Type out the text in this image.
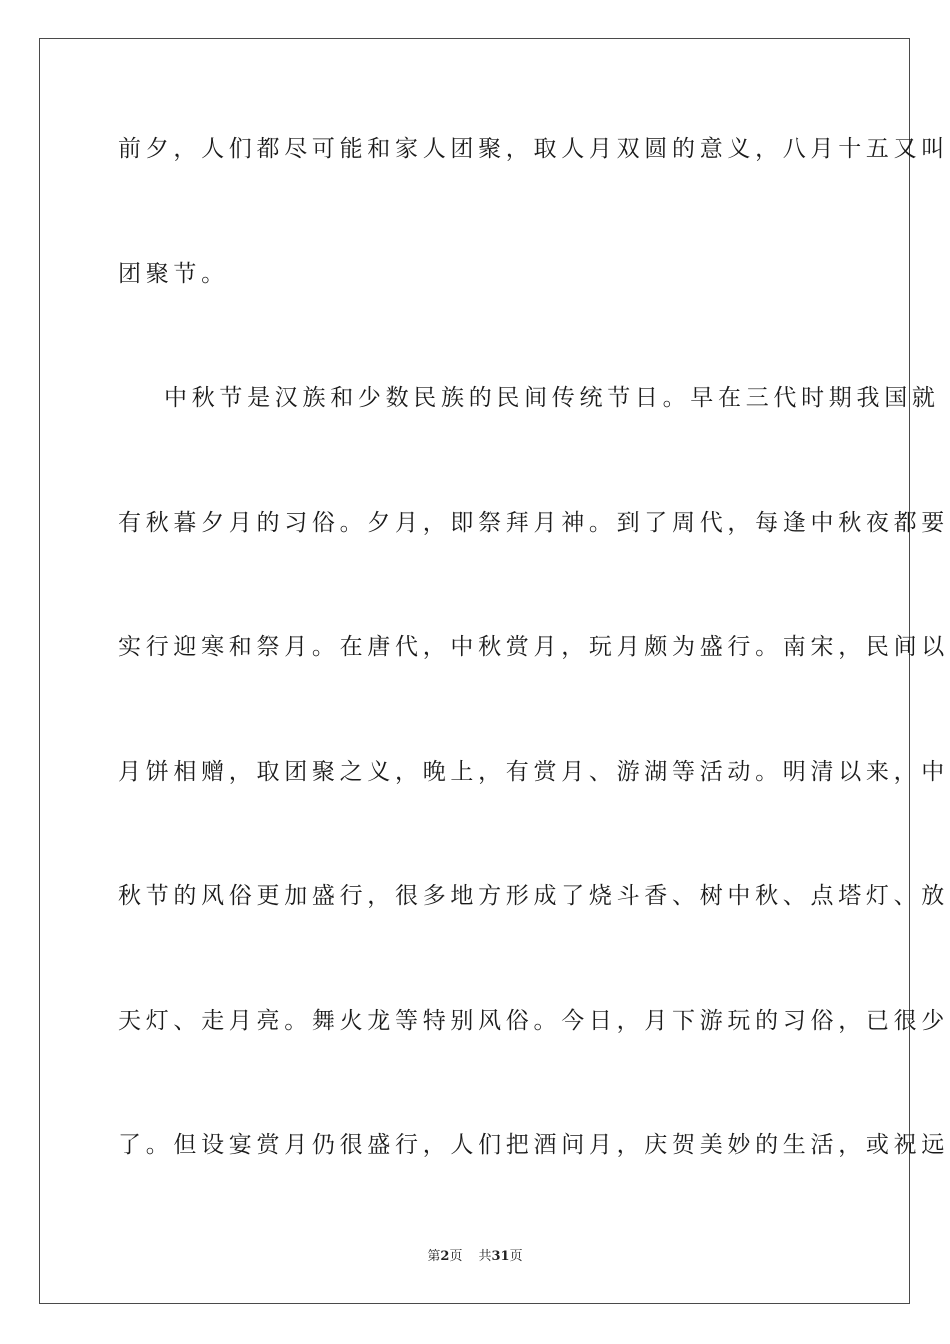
前夕，人们都尽可能和家人团聚，取人月双圆的意义，八月十五又叫
团聚节。
中秋节是汉族和少数民族的民间传统节日。早在三代时期我国就
有秋暮夕月的习俗。夕月，即祭拜月神。到了周代，每逢中秋夜都要
实行迎寒和祭月。在唐代，中秋赏月，玩月颇为盛行。南宋，民间以
月饼相赠，取团聚之义，晚上，有赏月、游湖等活动。明清以来，中
秋节的风俗更加盛行，很多地方形成了烧斗香、树中秋、点塔灯、放
天灯、走月亮。舞火龙等特别风俗。今日，月下游玩的习俗，已很少
了。但设宴赏月仍很盛行，人们把酒问月，庆贺美妙的生活，或祝远
第2页 共31页
